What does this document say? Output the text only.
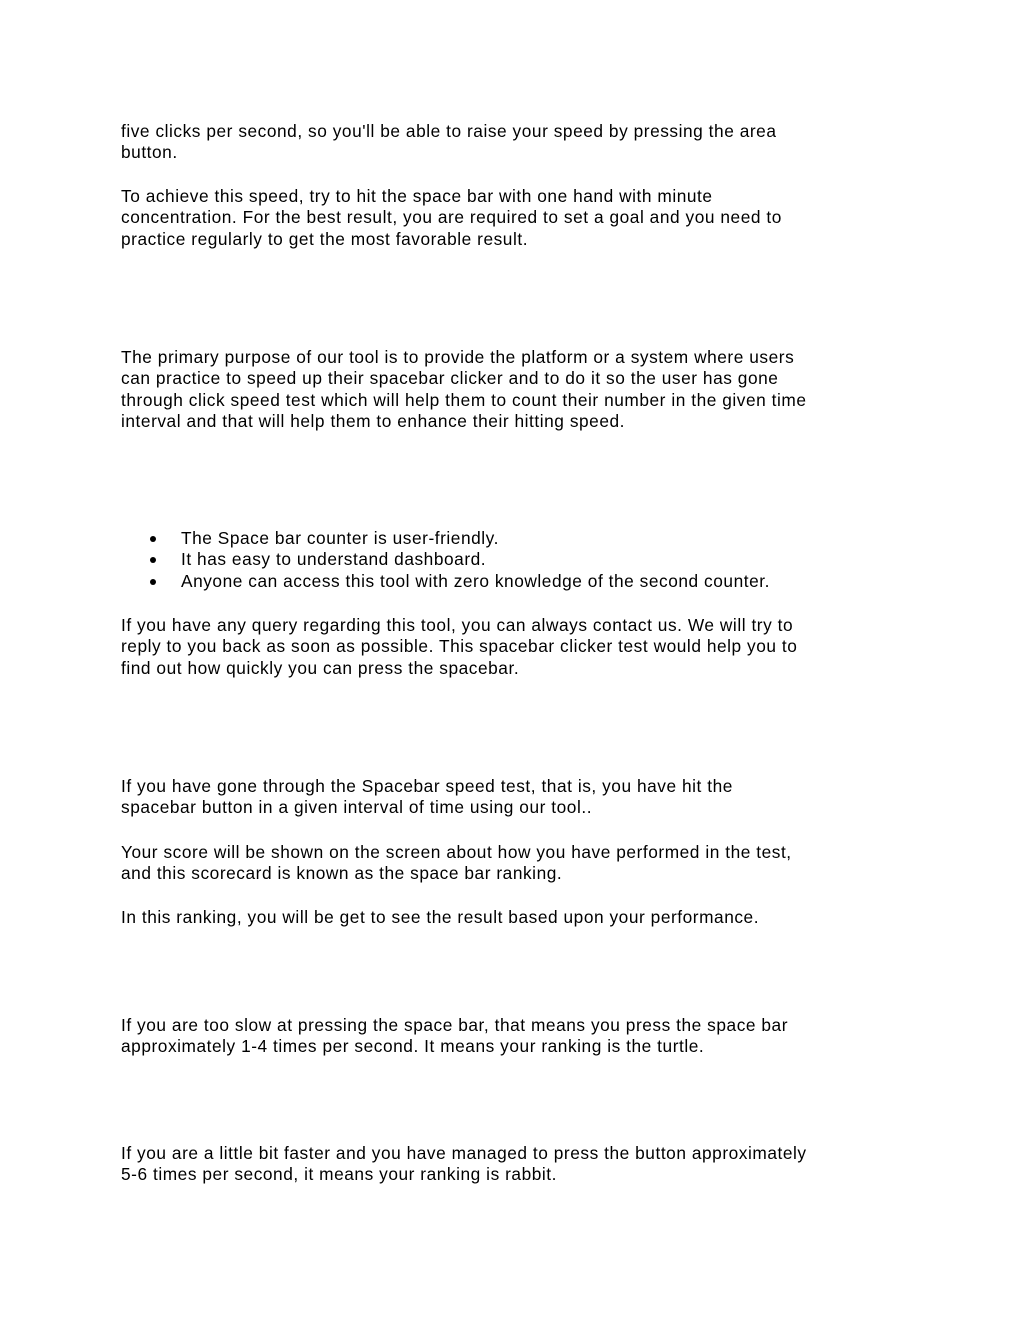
five clicks per second, so you'll be able to raise your speed by pressing the area
button.

To achieve this speed, try to hit the space bar with one hand with minute
concentration. For the best result, you are required to set a goal and you need to
practice regularly to get the most favorable result.

The primary purpose of our tool is to provide the platform or a system where users
can practice to speed up their spacebar clicker and to do it so the user has gone
through click speed test which will help them to count their number in the given time
interval and that will help them to enhance their hitting speed.

The Space bar counter is user-friendly.
It has easy to understand dashboard.
Anyone can access this tool with zero knowledge of the second counter.

If you have any query regarding this tool, you can always contact us. We will try to
reply to you back as soon as possible. This spacebar clicker test would help you to
find out how quickly you can press the spacebar.

If you have gone through the Spacebar speed test, that is, you have hit the
spacebar button in a given interval of time using our tool..

Your score will be shown on the screen about how you have performed in the test,
and this scorecard is known as the space bar ranking.

In this ranking, you will be get to see the result based upon your performance.

If you are too slow at pressing the space bar, that means you press the space bar
approximately 1-4 times per second. It means your ranking is the turtle.

If you are a little bit faster and you have managed to press the button approximately
5-6 times per second, it means your ranking is rabbit.
